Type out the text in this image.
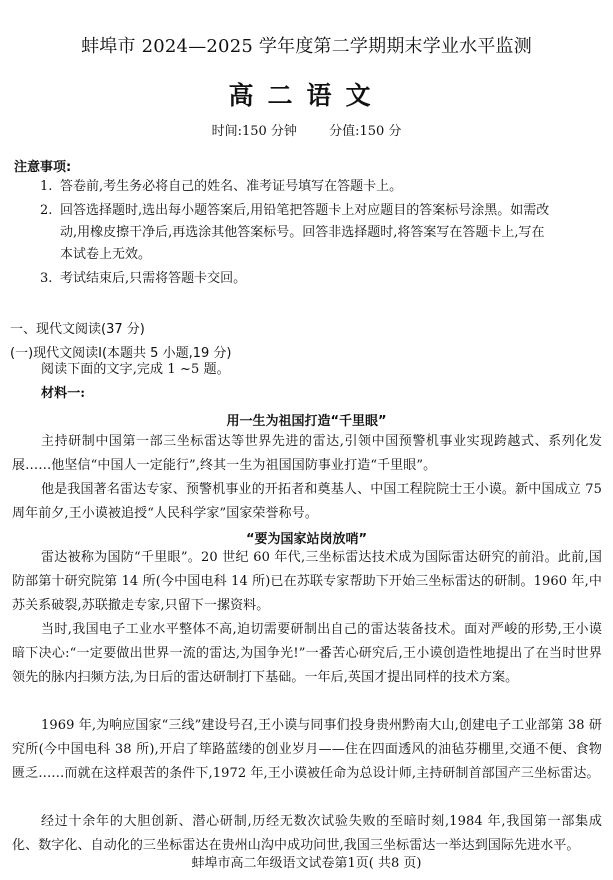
蚌埠市 2024—2025 学年度第二学期期末学业水平监测
高二语文
时间:150 分钟 分值:150 分
注意事项:
1. 答卷前,考生务必将自己的姓名、准考证号填写在答题卡上。
2. 回答选择题时,选出每小题答案后,用铅笔把答题卡上对应题目的答案标号涂黑。如需改
动,用橡皮擦干净后,再选涂其他答案标号。回答非选择题时,将答案写在答题卡上,写在
本试卷上无效。
3. 考试结束后,只需将答题卡交回。
一、现代文阅读(37 分)
(一)现代文阅读Ⅰ(本题共 5 小题,19 分)
阅读下面的文字,完成 1 ~5 题。
材料一:
用一生为祖国打造“千里眼”
主持研制中国第一部三坐标雷达等世界先进的雷达,引领中国预警机事业实现跨越式、系列化发展……他坚信“中国人一定能行”,终其一生为祖国国防事业打造“千里眼”。
他是我国著名雷达专家、预警机事业的开拓者和奠基人、中国工程院院士王小谟。新中国成立 75 周年前夕,王小谟被追授“人民科学家”国家荣誉称号。
“要为国家站岗放哨”
雷达被称为国防“千里眼”。20 世纪 60 年代,三坐标雷达技术成为国际雷达研究的前沿。此前,国防部第十研究院第 14 所(今中国电科 14 所)已在苏联专家帮助下开始三坐标雷达的研制。1960 年,中苏关系破裂,苏联撤走专家,只留下一摞资料。
当时,我国电子工业水平整体不高,迫切需要研制出自己的雷达装备技术。面对严峻的形势,王小谟暗下决心:“一定要做出世界一流的雷达,为国争光!”一番苦心研究后,王小谟创造性地提出了在当时世界领先的脉内扫频方法,为日后的雷达研制打下基础。一年后,英国才提出同样的技术方案。
1969 年,为响应国家“三线”建设号召,王小谟与同事们投身贵州黔南大山,创建电子工业部第 38 研究所(今中国电科 38 所),开启了筚路蓝缕的创业岁月——住在四面透风的油毡芬棚里,交通不便、食物匮乏……而就在这样艰苦的条件下,1972 年,王小谟被任命为总设计师,主持研制首部国产三坐标雷达。
经过十余年的大胆创新、潜心研制,历经无数次试验失败的至暗时刻,1984 年,我国第一部集成化、数字化、自动化的三坐标雷达在贵州山沟中成功问世,我国三坐标雷达一举达到国际先进水平。
蚌埠市高二年级语文试卷第1页( 共8 页)
